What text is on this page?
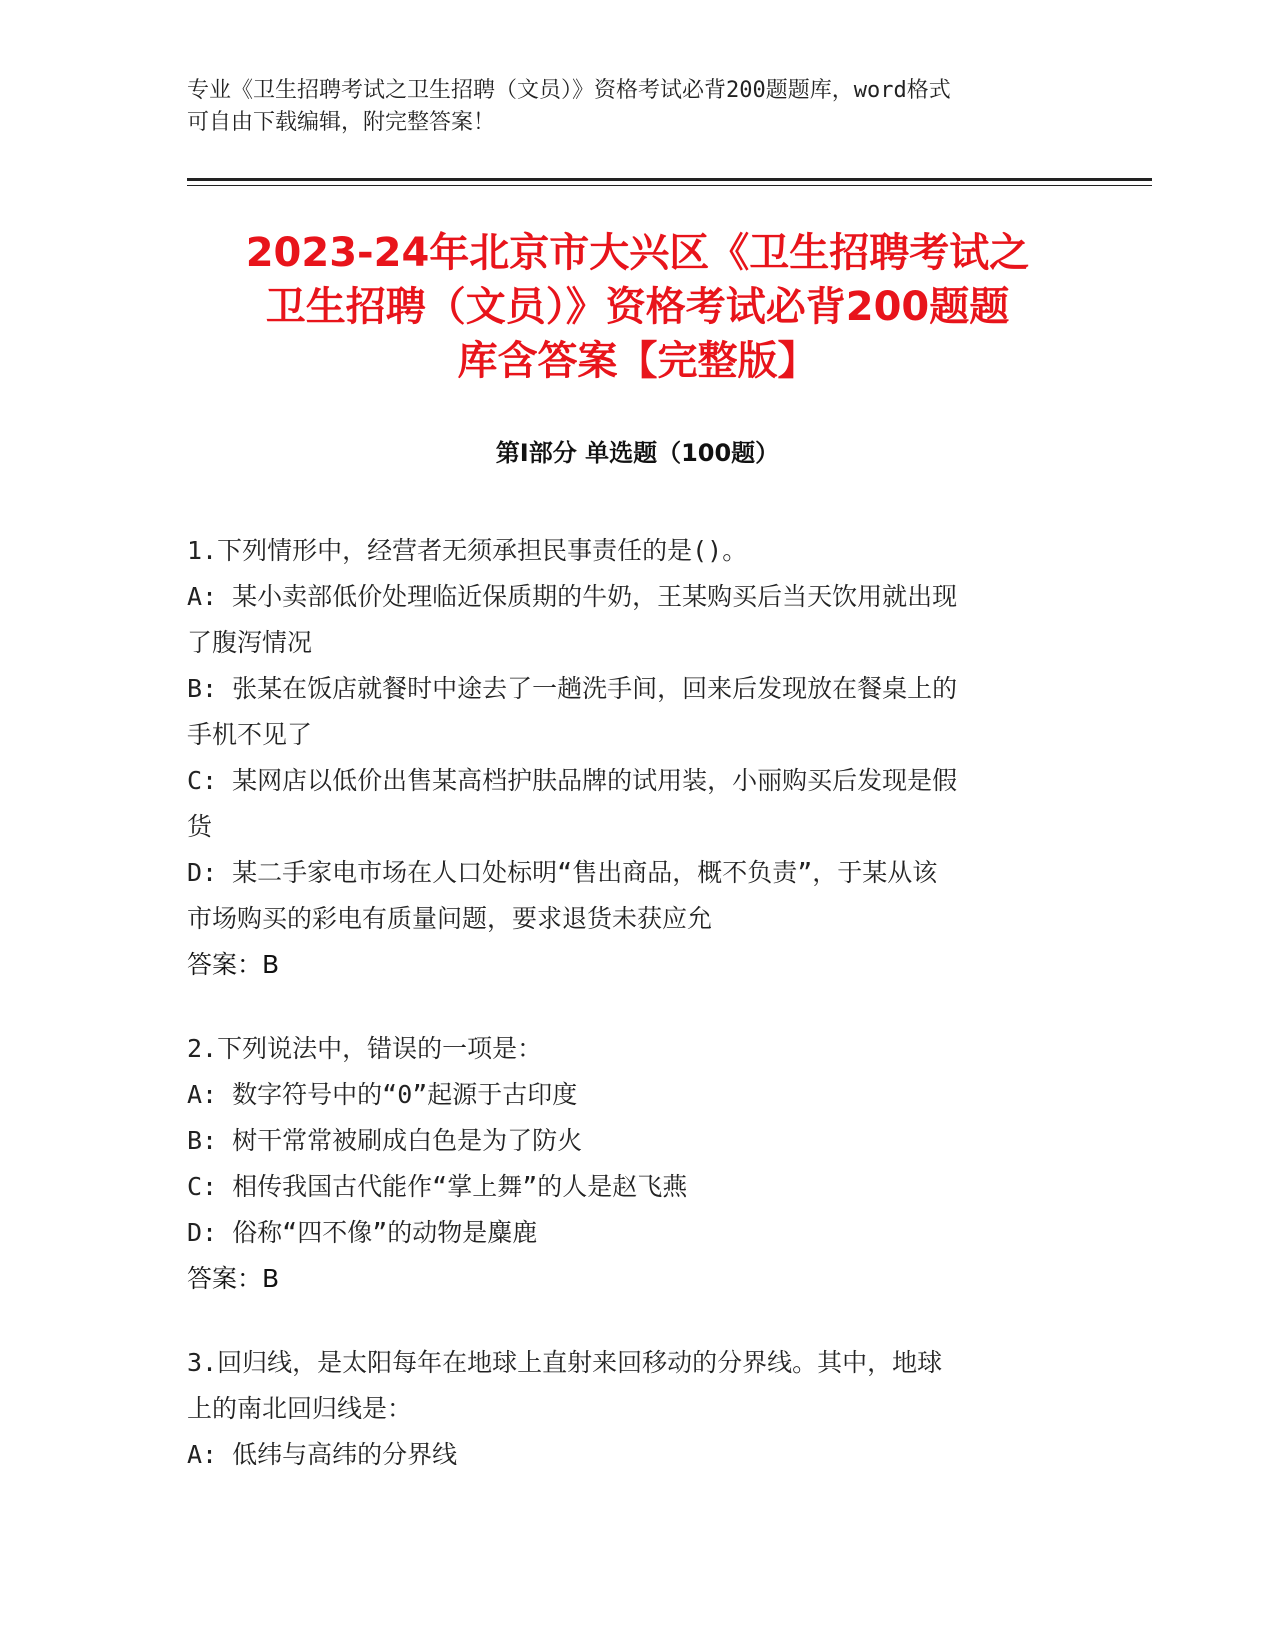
专业《卫生招聘考试之卫生招聘（文员）》资格考试必背200题题库，word格式

可自由下载编辑，附完整答案！

2023-24年北京市大兴区《卫生招聘考试之

卫生招聘（文员）》资格考试必背200题题

库含答案【完整版】

第Ⅰ部分 单选题（100题）

1.下列情形中，经营者无须承担民事责任的是()。

A: 某小卖部低价处理临近保质期的牛奶，王某购买后当天饮用就出现

了腹泻情况

B: 张某在饭店就餐时中途去了一趟洗手间，回来后发现放在餐桌上的

手机不见了

C: 某网店以低价出售某高档护肤品牌的试用装，小丽购买后发现是假

货

D: 某二手家电市场在人口处标明“售出商品，概不负责”，于某从该

市场购买的彩电有质量问题，要求退货未获应允

答案：B

2.下列说法中，错误的一项是：

A: 数字符号中的“0”起源于古印度

B: 树干常常被刷成白色是为了防火

C: 相传我国古代能作“掌上舞”的人是赵飞燕

D: 俗称“四不像”的动物是麋鹿

答案：B

3.回归线，是太阳每年在地球上直射来回移动的分界线。其中，地球

上的南北回归线是：

A: 低纬与高纬的分界线
